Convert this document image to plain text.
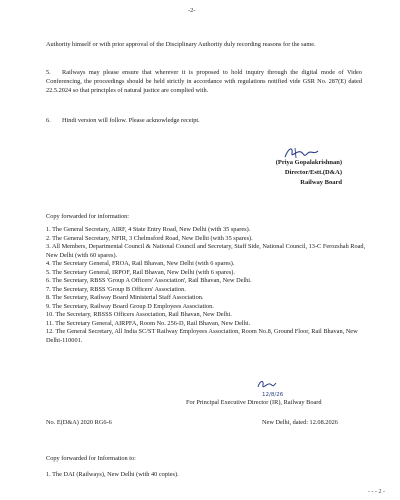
-2-
Authority himself or with prior approval of the Disciplinary Authority duly recording reasons for the same.
5. Railways may please ensure that wherever it is proposed to hold inquiry through the digital mode of Video Conferencing, the proceedings should be held strictly in accordance with regulations notified vide GSR No. 287(E) dated 22.5.2024 so that principles of natural justice are complied with.
6. Hindi version will follow. Please acknowledge receipt.
(Priya Gopalakrishnan)
Director/Estt.(D&A)
Railway Board
Copy forwarded for information:
1. The General Secretary, AIRF, 4 State Entry Road, New Delhi (with 35 spares).
2. The General Secretary, NFIR, 3 Chelmsford Road, New Delhi (with 35 spares).
3. All Members, Departmental Council & National Council and Secretary, Staff Side, National Council, 13-C Ferozshah Road, New Delhi (with 60 spares).
4. The Secretary General, FROA, Rail Bhavan, New Delhi (with 6 spares).
5. The Secretary General, IRPOF, Rail Bhavan, New Delhi (with 6 spares).
6. The Secretary, RBSS 'Group A Officers' Association', Rail Bhavan, New Delhi.
7. The Secretary, RBSS 'Group B Officers' Association.
8. The Secretary, Railway Board Ministerial Staff Association.
9. The Secretary, Railway Board Group D Employees Association.
10. The Secretary, RBSSS Officers Association, Rail Bhavan, New Delhi.
11. The Secretary General, AIRPFA, Room No. 256-D, Rail Bhavan, New Delhi.
12. The General Secretary, All India SC/ST Railway Employees Association, Room No.8, Ground Floor, Rail Bhavan, New Delhi-110001.
12/8/26
For Principal Executive Director (IR), Railway Board
No. E(D&A) 2020 RG6-6	New Delhi, dated: 12.08.2026
Copy forwarded for Information to:
1. The DAI (Railways), New Delhi (with 40 copies).
- - - 2 -
